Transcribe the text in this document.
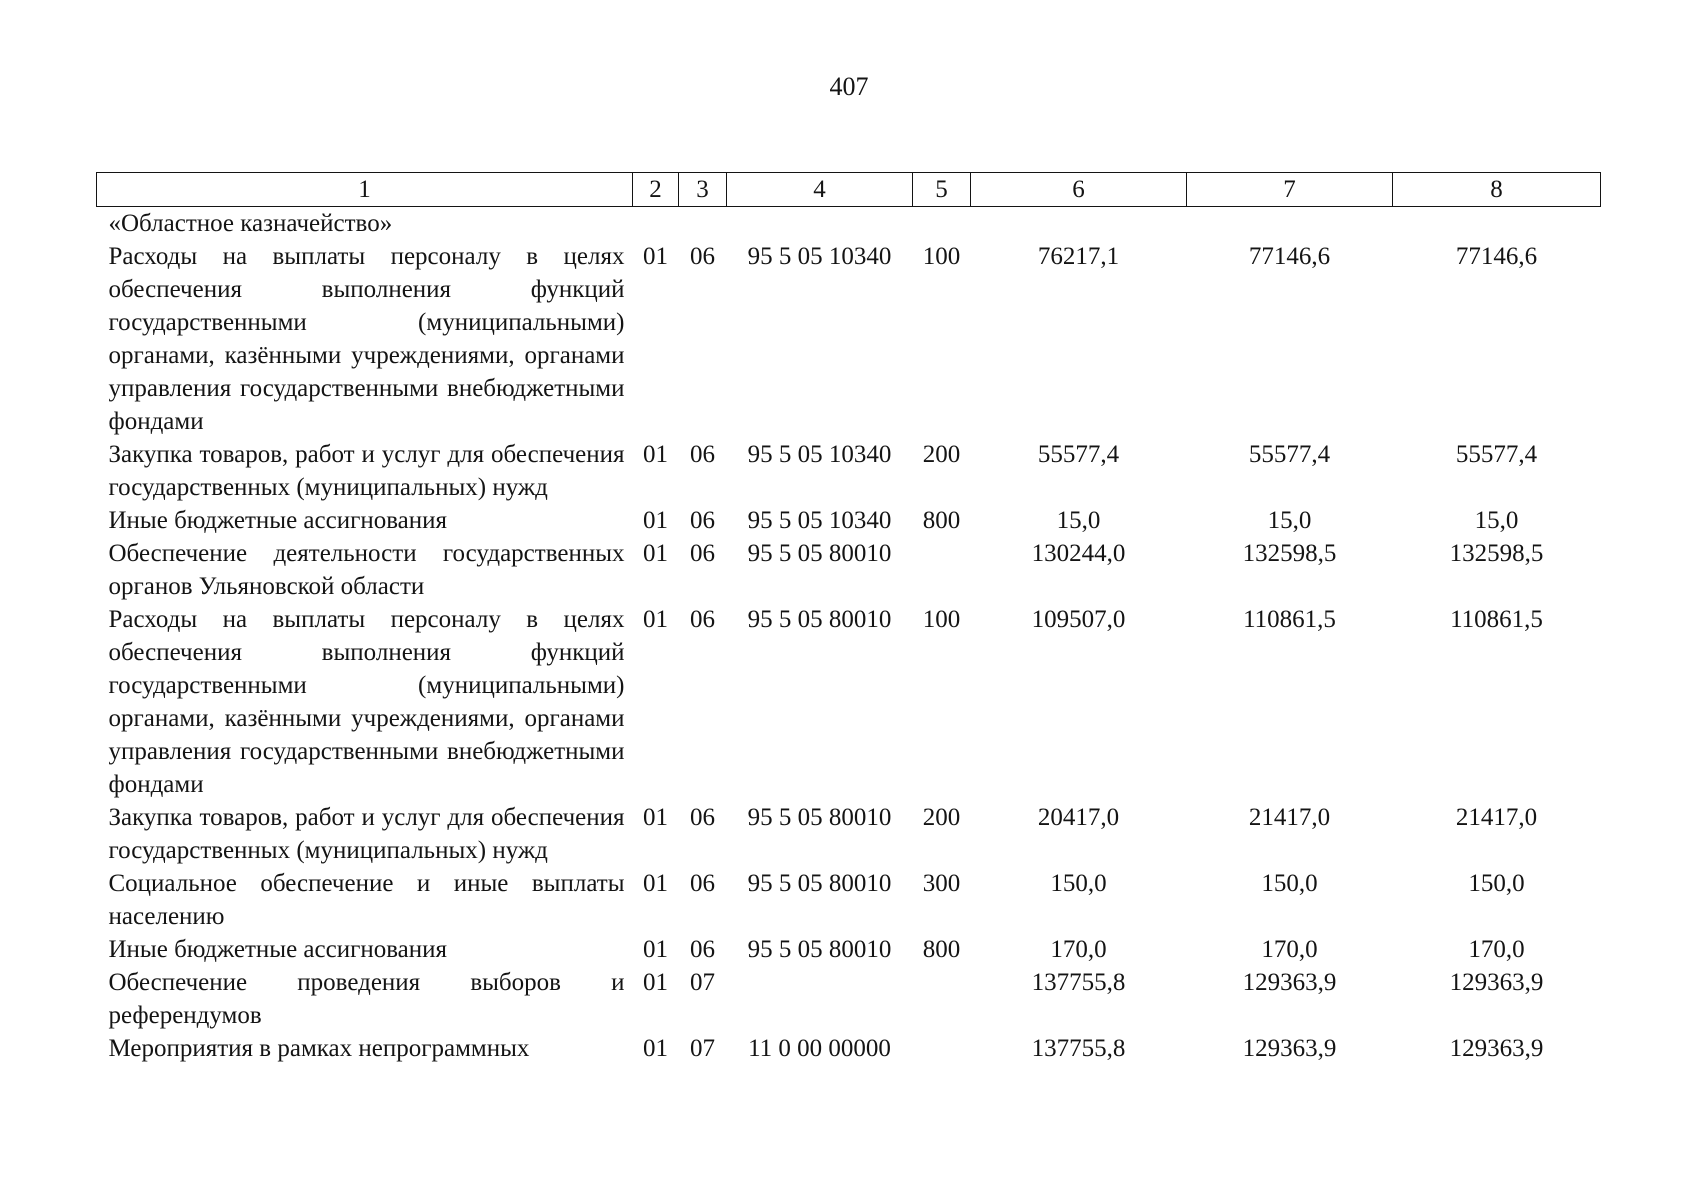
407
1	2	3	4	5	6	7	8
«Областное казначейство»							
Расходы на выплаты персоналу в целях обеспечения выполнения функций государственными (муниципальными) органами, казёнными учреждениями, органами управления государственными внебюджетными фондами	01	06	95 5 05 10340	100	76217,1	77146,6	77146,6
Закупка товаров, работ и услуг для обеспечения государственных (муниципальных) нужд	01	06	95 5 05 10340	200	55577,4	55577,4	55577,4
Иные бюджетные ассигнования	01	06	95 5 05 10340	800	15,0	15,0	15,0
Обеспечение деятельности государственных органов Ульяновской области	01	06	95 5 05 80010		130244,0	132598,5	132598,5
Расходы на выплаты персоналу в целях обеспечения выполнения функций государственными (муниципальными) органами, казёнными учреждениями, органами управления государственными внебюджетными фондами	01	06	95 5 05 80010	100	109507,0	110861,5	110861,5
Закупка товаров, работ и услуг для обеспечения государственных (муниципальных) нужд	01	06	95 5 05 80010	200	20417,0	21417,0	21417,0
Социальное обеспечение и иные выплаты населению	01	06	95 5 05 80010	300	150,0	150,0	150,0
Иные бюджетные ассигнования	01	06	95 5 05 80010	800	170,0	170,0	170,0
Обеспечение проведения выборов и референдумов	01	07			137755,8	129363,9	129363,9
Мероприятия в рамках непрограммных	01	07	11 0 00 00000		137755,8	129363,9	129363,9
